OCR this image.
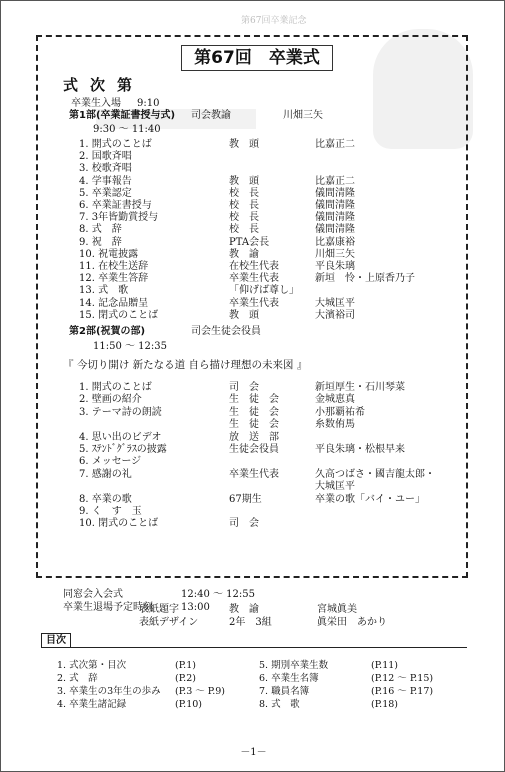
第67回卒業記念
第67回　卒業式
式次第
卒業生入場 9:10
第1部(卒業証書授与式) 司会教諭	川畑三矢
9:30 ～ 11:40
1. 開式のことば	教　頭	比嘉正二
2. 国歌斉唱
3. 校歌斉唱
4. 学事報告	教　頭	比嘉正二
5. 卒業認定	校　長	儀間清隆
6. 卒業証書授与	校　長	儀間清隆
7. 3年皆勤賞授与	校　長	儀間清隆
8. 式　辞	校　長	儀間清隆
9. 祝　辞	PTA会長	比嘉康裕
10. 祝電披露	教　諭	川畑三矢
11. 在校生送辞	在校生代表	平良朱璃
12. 卒業生答辞	卒業生代表	新垣　怜・上原香乃子
13. 式　歌	「仰げば尊し」
14. 記念品贈呈	卒業生代表	大城匡平
15. 閉式のことば	教　頭	大濱裕司
第2部(祝賀の部)	司会生徒会役員
11:50 ～ 12:35
『 今切り開け 新たなる道 自ら描け理想の未来図 』
1. 開式のことば	司　会	新垣厚生・石川琴菜
2. 壁画の紹介	生　徒　会	金城恵真
3. テーマ詩の朗読	生　徒　会	小那覇祐希
生　徒　会	糸数侑馬
4. 思い出のビデオ	放　送　部
5. ｽﾃﾝﾄﾞｸﾞﾗｽの披露	生徒会役員	平良朱璃・松根早来
6. メッセージ
7. 感謝の礼	卒業生代表	久高つばさ・國吉龍太郎・
大城匡平
8. 卒業の歌	67期生	卒業の歌「バイ・ユー」
9. く　す　玉
10. 閉式のことば	司　会
同窓会入会式	12:40 ～ 12:55
卒業生退場予定時刻	13:00
表紙題字	教　諭	宮城眞美
表紙デザイン	2年　3組	眞栄田　あかり
目次
1. 式次第・目次	(P.1)
2. 式　辞	(P.2)
3. 卒業生の3年生の歩み (P.3 ～ P.9)
4. 卒業生諸記録	(P.10)
5. 期別卒業生数	(P.11)
6. 卒業生名簿	(P.12 ～ P.15)
7. 職員名簿	(P.16 ～ P.17)
8. 式　歌	(P.18)
－1－
